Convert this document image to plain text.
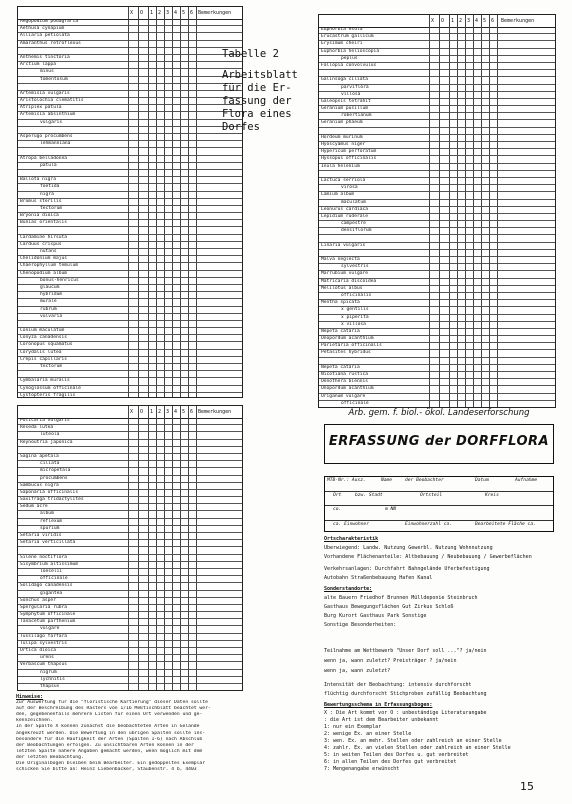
X O 1 2 3 4 5 6 Bemerkungen
Aegopodium podagraria
Aethusa cynapium
Alliaria petiolata
Amaranthus retroflexus
Anthemis tinctoria
Arctium lappa
minus
tomentosum
Artemisia vulgaris
Aristolochia clematitis
Atriplex patula
Artemisia absinthium
vulgaris
Asperugo procumbens
lehmanniana
Atropa belladonna
patula
Ballota nigra
foetida
nigra
Bromus sterilis
tectorum
Bryonia dioica
Bunias orientalis
Cardamine hirsuta
Carduus crispus
nutans
Chelidonium majus
Chaerophyllum temulum
Chenopodium album
bonus-henricus
glaucum
hybridum
murale
rubrum
vulvaria
Conium maculatum
Conyza canadensis
Coronopus squamatus
Corydalis lutea
Crepis capillaris
tectorum
Cymbalaria muralis
Cynoglossum officinale
Cystopteris fragilis
Tabelle 2
Arbeitsblatt
für die Er-
fassung der
Flora eines
Dorfes
X O 1 2 3 4 5 6 Bemerkungen
Euphorbia esula
Erucastrum gallicum
Erysimum cheiri
Euphorbia helioscopia
peplus
Fallopia convolvulus
Galinsoga ciliata
parviflora
villosa
Galeopsis tetrahit
Geranium pusillum
robertianum
Geranium phaeum
Hordeum murinum
Hyoscyamus niger
Hypericum perforatum
Hyssopus officinalis
Inula helenium
Lactuca serriola
virosa
Lamium album
maculatum
Leonurus cardiaca
Lepidium ruderale
campestre
densiflorum
Linaria vulgaris
Malva neglecta
sylvestris
Marrubium vulgare
Matricaria discoidea
Melilotus albus
officinalis
Mentha spicata
x gentilis
x piperita
x villosa
Nepeta cataria
Onopordum acanthium
Parietaria officinalis
Petasites hybridus
Nepeta cataria
Nicotiana rustica
Oenothera biennis
Onopordum acanthium
Origanum vulgare
officinale
X O 1 2 3 4 5 6 Bemerkungen
Pulicaria vulgaris
Reseda lutea
luteola
Reynoutria japonica
Sagina apetala
ciliata
micropetala
procumbens
Sambucus nigra
Saponaria officinalis
Saxifraga tridactylites
Sedum acre
album
reflexum
spurium
Setaria viridis
Setaria verticillata
Silene noctiflora
Sisymbrium altissimum
loeselii
officinale
Solidago canadensis
gigantea
Sonchus asper
Spergularia rubra
Symphytum officinale
Tanacetum parthenium
vulgare
Tussilago farfara
Tulipa sylvestris
Urtica dioica
urens
Verbascum thapsus
nigrum
lychnitis
thapsus
Hinweise:
Zur Auswertung für die "floristische Kartierung" dieser Daten sollte
auf der Beschreibung des Rasters von 1/16 Meßtischblatt beachtet wer-
den, gegebenenfalls mehrere Listen für einen Ort verwenden und ge-
kennzeichnen.
In der Spalte X können zunächst die beobachteten Arten in Gelände
angekreuzt werden. Die Bewertung in den übrigen Spalten sollte ins-
besondere für die Häufigkeit der Arten (Spalten 1-6) nach Abschluß
der Beobachtungen erfolgen. Zu unsichtbaren Arten können in der
letzten Spalte nähere Angaben gemacht werden, wenn möglich mit dem
der letzten Beobachtung.
Die Originalbögen bleiben beim Bearbeiter. Ein gedoppeltes Exemplar
schicken Sie bitte an: Heinz Liebenbacker, Staubenstr. 4 b, 4403
Arb. gem. f. biol.- ökol. Landeserforschung
ERFASSUNG der DORFFLORA
MTB-Nr.: Ausz.	Name	der Beobachter	Datum	Aufnahme
Ort	bzw. Stadt	Ortsteil	Kreis
co.	m NN
ca. Einwohner	Einwohnerzahl ca.	Bearbeitete Fläche ca.
Ortscharakteristik
Überwiegend: Landw. Nutzung Gewerbl. Nutzung Wohnnutzung
Vorhandene Flächenanteile: Altbebauung / Neubebauung / Gewerbeflächen
Verkehrsanlagen: Durchfahrt Bahngelände Uferbefestigung
Autobahn Straßenbebauung Hafen Kanal
Sonderstandorte:
alte Bauern Friedhof Brunnen Mülldeponie Steinbruch
Gasthaus Bewegungsflächen Gut Zirkus Schloß
Burg Kurort Gasthaus Park Sonstige
Sonstige Besonderheiten:
Teilnahme am Wettbewerb "Unser Dorf soll ..."? ja/nein
wenn ja, wann zuletzt? Preisträger ? ja/nein
wenn ja, wann zuletzt?
Intensität der Beobachtung: intensiv durchforscht
flüchtig durchforscht Stichproben zufällig Beobachtung
Bewertungsschema in Erfassungsbogen:
X : Die Art kommt vor O : unbeständige Literaturangabe
: die Art ist dem Bearbeiter unbekannt
1: nur ein Exemplar
2: wenige Ex. an einer Stelle
3: wen. Ex. an mehr. Stellen oder zahlreich an einer Stelle
4: zahlr. Ex. an vielen Stellen oder zahlreich an einer Stelle
5: in weiten Teilen des Dorfes u. gut verbreitet
6: in allen Teilen des Dorfes gut verbreitet
7: Mengenangabe erwünscht
15
